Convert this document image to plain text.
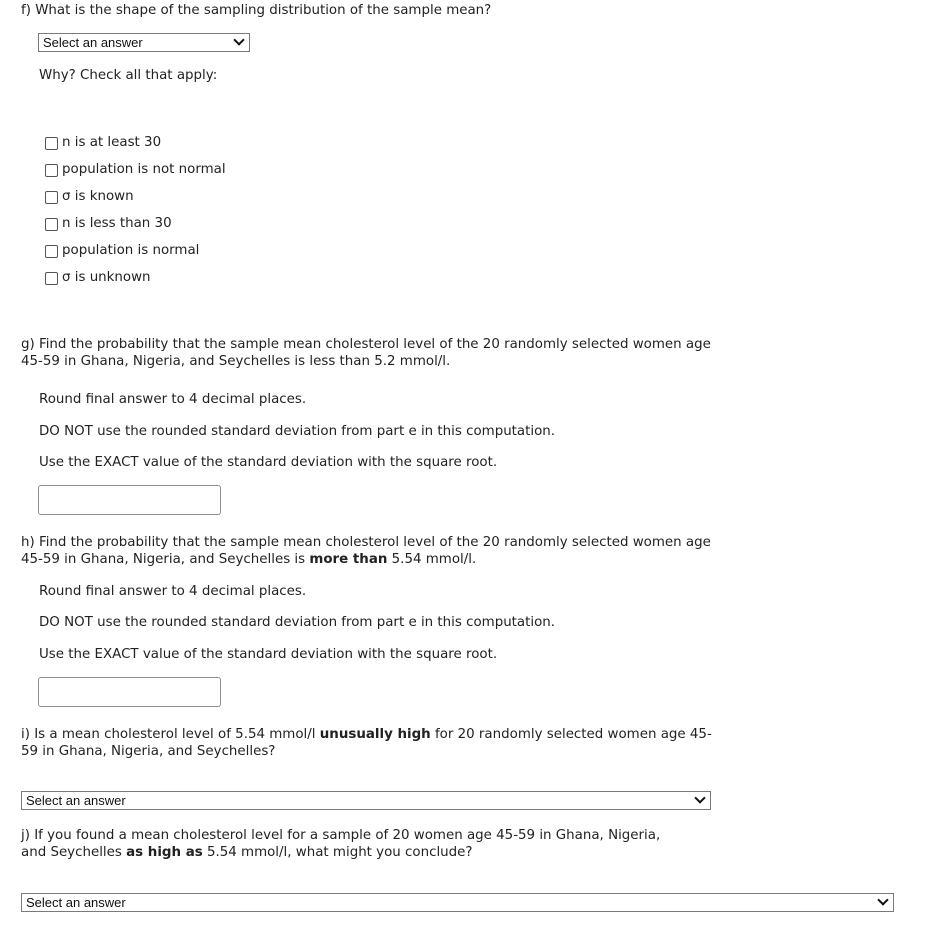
f) What is the shape of the sampling distribution of the sample mean?
Select an answer
Why? Check all that apply:
n is at least 30
population is not normal
σ is known
n is less than 30
population is normal
σ is unknown
g) Find the probability that the sample mean cholesterol level of the 20 randomly selected women age 45-59 in Ghana, Nigeria, and Seychelles is less than 5.2 mmol/l.
Round final answer to 4 decimal places.
DO NOT use the rounded standard deviation from part e in this computation.
Use the EXACT value of the standard deviation with the square root.
h) Find the probability that the sample mean cholesterol level of the 20 randomly selected women age 45-59 in Ghana, Nigeria, and Seychelles is more than 5.54 mmol/l.
Round final answer to 4 decimal places.
DO NOT use the rounded standard deviation from part e in this computation.
Use the EXACT value of the standard deviation with the square root.
i) Is a mean cholesterol level of 5.54 mmol/l unusually high for 20 randomly selected women age 45-59 in Ghana, Nigeria, and Seychelles?
Select an answer
j) If you found a mean cholesterol level for a sample of 20 women age 45-59 in Ghana, Nigeria, and Seychelles as high as 5.54 mmol/l, what might you conclude?
Select an answer
